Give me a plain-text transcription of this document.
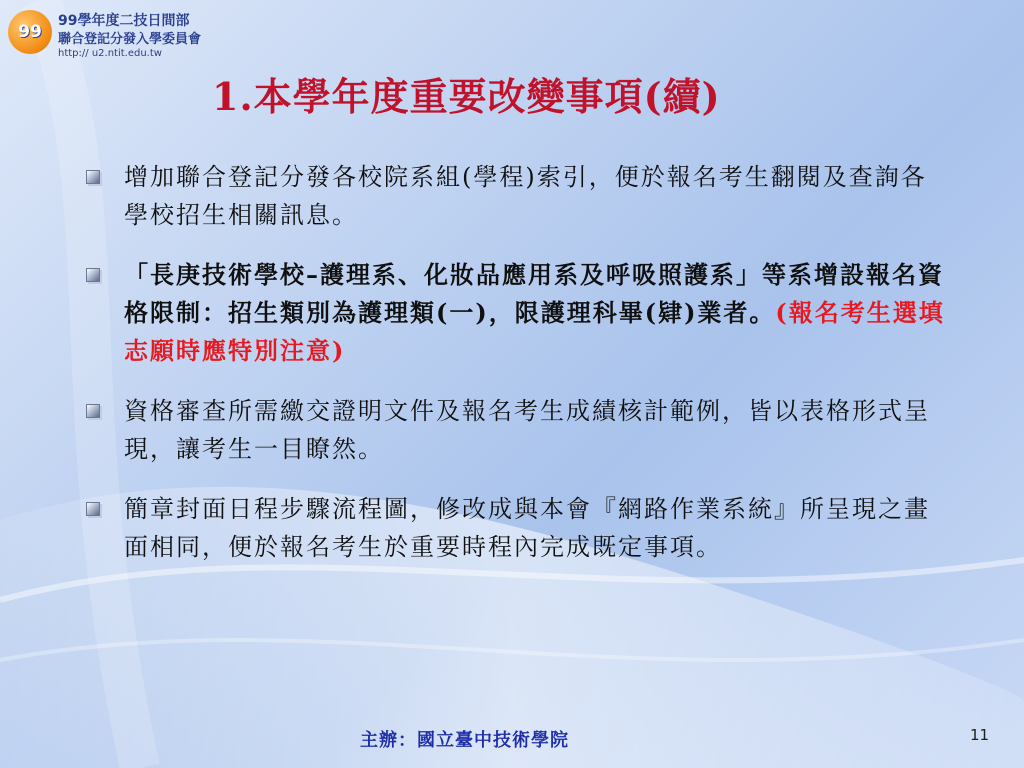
99
99學年度二技日間部
聯合登記分發入學委員會
http:// u2.ntit.edu.tw
1.本學年度重要改變事項(續)

增加聯合登記分發各校院系組(學程)索引，便於報名考生翻閱及查詢各學校招生相關訊息。

「長庚技術學校–護理系、化妝品應用系及呼吸照護系」等系增設報名資格限制：招生類別為護理類(一)，限護理科畢(肄)業者。(報名考生選填志願時應特別注意)

資格審查所需繳交證明文件及報名考生成績核計範例，皆以表格形式呈現，讓考生一目瞭然。

簡章封面日程步驟流程圖，修改成與本會『網路作業系統』所呈現之畫面相同，便於報名考生於重要時程內完成既定事項。

主辦：國立臺中技術學院	11
